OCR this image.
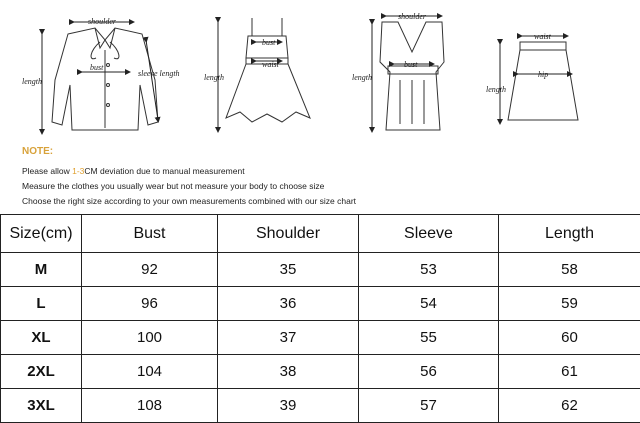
shoulder
bust
length
sleeve length
bust
waist
length
shoulder
bust
length
waist
hip
length
NOTE:
Please allow 1-3CM deviation due to manual measurement
Measure the clothes you usually wear but not measure your body to choose size
Choose the right size according to your own measurements combined with our size chart
Size(cm)	Bust	Shoulder	Sleeve	Length
M	92	35	53	58
L	96	36	54	59
XL	100	37	55	60
2XL	104	38	56	61
3XL	108	39	57	62
